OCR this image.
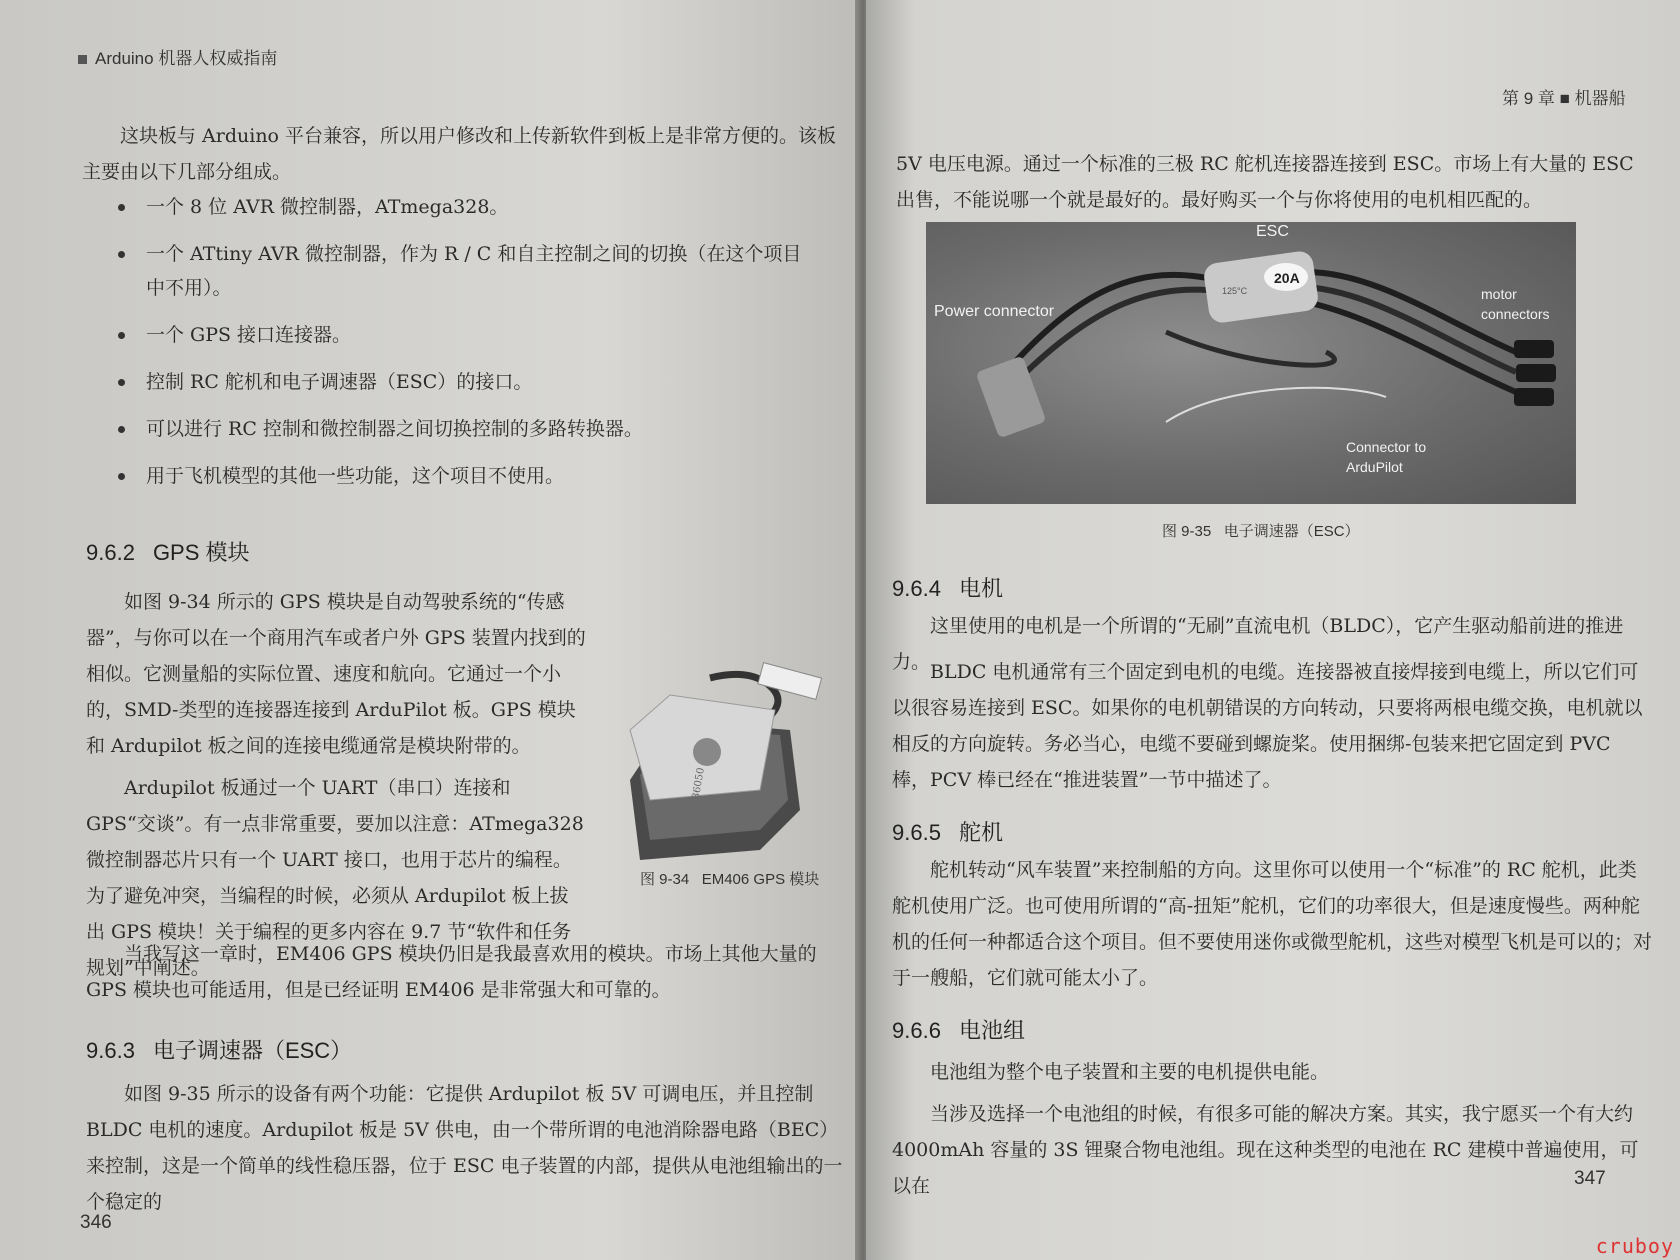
Arduino 机器人权威指南
这块板与 Arduino 平台兼容，所以用户修改和上传新软件到板上是非常方便的。该板主要由以下几部分组成。
一个 8 位 AVR 微控制器，ATmega328。
一个 ATtiny AVR 微控制器，作为 R / C 和自主控制之间的切换（在这个项目中不用）。
一个 GPS 接口连接器。
控制 RC 舵机和电子调速器（ESC）的接口。
可以进行 RC 控制和微控制器之间切换控制的多路转换器。
用于飞机模型的其他一些功能，这个项目不使用。
9.6.2 GPS 模块
如图 9-34 所示的 GPS 模块是自动驾驶系统的“传感器”，与你可以在一个商用汽车或者户外 GPS 装置内找到的相似。它测量船的实际位置、速度和航向。它通过一个小的，SMD-类型的连接器连接到 ArduPilot 板。GPS 模块和 Ardupilot 板之间的连接电缆通常是模块附带的。
Ardupilot 板通过一个 UART（串口）连接和 GPS“交谈”。有一点非常重要，要加以注意：ATmega328 微控制器芯片只有一个 UART 接口，也用于芯片的编程。为了避免冲突，当编程的时候，必须从 Ardupilot 板上拔出 GPS 模块！关于编程的更多内容在 9.7 节“软件和任务规划”中阐述。
86050
图 9-34 EM406 GPS 模块
当我写这一章时，EM406 GPS 模块仍旧是我最喜欢用的模块。市场上其他大量的 GPS 模块也可能适用，但是已经证明 EM406 是非常强大和可靠的。
9.6.3 电子调速器（ESC）
如图 9-35 所示的设备有两个功能：它提供 Ardupilot 板 5V 可调电压，并且控制 BLDC 电机的速度。Ardupilot 板是 5V 供电，由一个带所谓的电池消除器电路（BEC）来控制，这是一个简单的线性稳压器，位于 ESC 电子装置的内部，提供从电池组输出的一个稳定的
346
第 9 章 ■ 机器船
5V 电压电源。通过一个标准的三极 RC 舵机连接器连接到 ESC。市场上有大量的 ESC 出售，不能说哪一个就是最好的。最好购买一个与你将使用的电机相匹配的。
20A
125°C
ESC
Power connector
motor
connectors
Connector to
ArduPilot
图 9-35 电子调速器（ESC）
9.6.4 电机
这里使用的电机是一个所谓的“无刷”直流电机（BLDC），它产生驱动船前进的推进力。 BLDC 电机通常有三个固定到电机的电缆。连接器被直接焊接到电缆上，所以它们可以很容易连接到 ESC。如果你的电机朝错误的方向转动，只要将两根电缆交换，电机就以相反的方向旋转。务必当心，电缆不要碰到螺旋桨。使用捆绑-包装来把它固定到 PVC 棒，PCV 棒已经在“推进装置”一节中描述了。
9.6.5 舵机
舵机转动“风车装置”来控制船的方向。这里你可以使用一个“标准”的 RC 舵机，此类舵机使用广泛。也可使用所谓的“高-扭矩”舵机，它们的功率很大，但是速度慢些。两种舵机的任何一种都适合这个项目。但不要使用迷你或微型舵机，这些对模型飞机是可以的；对于一艘船，它们就可能太小了。
9.6.6 电池组
电池组为整个电子装置和主要的电机提供电能。
当涉及选择一个电池组的时候，有很多可能的解决方案。其实，我宁愿买一个有大约 4000mAh 容量的 3S 锂聚合物电池组。现在这种类型的电池在 RC 建模中普遍使用，可以在	347
cruboy
